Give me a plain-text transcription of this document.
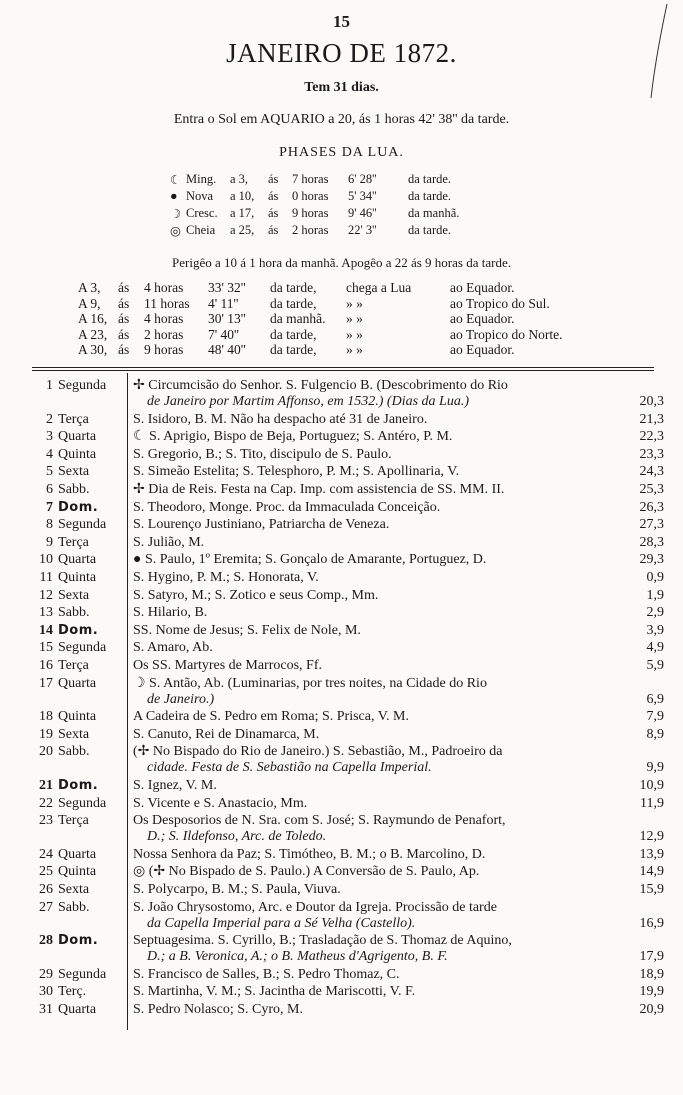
15
JANEIRO DE 1872.
Tem 31 dias.
Entra o Sol em AQUARIO a 20, ás 1 horas 42' 38'' da tarde.
PHASES DA LUA.
☾ Ming. a 3, ás 7 horas 6' 28''	da tarde.
● Nova a 10, ás 0 horas 5' 34''	da tarde.
☽ Cresc. a 17, ás 9 horas 9' 46''	da manhã.
◎ Cheia a 25, ás 2 horas 22' 3''	da tarde.
Perigêo a 10 á 1 hora da manhã. Apogêo a 22 ás 9 horas da tarde.
A 3, ás 4 horas 33' 32'' da tarde, chega a Lua	ao Equador.
A 9, ás 11 horas 4' 11'' da tarde, » »	ao Tropico do Sul.
A 16, ás 4 horas 30' 13'' da manhã. » »	ao Equador.
A 23, ás 2 horas 7' 40'' da tarde, » »	ao Tropico do Norte.
A 30, ás 9 horas 48' 40'' da tarde, » »	ao Equador.
1 Segunda ✢ Circumcisão do Senhor. S. Fulgencio B. (Descobrimento do Rio
de Janeiro por Martim Affonso, em 1532.) (Dias da Lua.)	20,3
2 Terça	S. Isidoro, B. M. Não ha despacho até 31 de Janeiro.	21,3
3 Quarta	☾ S. Aprigio, Bispo de Beja, Portuguez; S. Antéro, P. M.	22,3
4 Quinta	S. Gregorio, B.; S. Tito, discipulo de S. Paulo.	23,3
5 Sexta	S. Simeão Estelita; S. Telesphoro, P. M.; S. Apollinaria, V.	24,3
6 Sabb.	✢ Dia de Reis. Festa na Cap. Imp. com assistencia de SS. MM. II.	25,3
7 Dom. S. Theodoro, Monge. Proc. da Immaculada Conceição.	26,3
8 Segunda S. Lourenço Justiniano, Patriarcha de Veneza.	27,3
9 Terça	S. Julião, M.	28,3
10 Quarta	● S. Paulo, 1º Eremita; S. Gonçalo de Amarante, Portuguez, D.	29,3
11 Quinta	S. Hygino, P. M.; S. Honorata, V.	0,9
12 Sexta	S. Satyro, M.; S. Zotico e seus Comp., Mm.	1,9
13 Sabb.	S. Hilario, B.	2,9
14 Dom. SS. Nome de Jesus; S. Felix de Nole, M.	3,9
15 Segunda S. Amaro, Ab.	4,9
16 Terça	Os SS. Martyres de Marrocos, Ff.	5,9
17 Quarta	☽ S. Antão, Ab. (Luminarias, por tres noites, na Cidade do Rio
de Janeiro.)	6,9
18 Quinta	A Cadeira de S. Pedro em Roma; S. Prisca, V. M.	7,9
19 Sexta	S. Canuto, Rei de Dinamarca, M.	8,9
20 Sabb.	(✢ No Bispado do Rio de Janeiro.) S. Sebastião, M., Padroeiro da
cidade. Festa de S. Sebastião na Capella Imperial.	9,9
21 Dom. S. Ignez, V. M.	10,9
22 Segunda S. Vicente e S. Anastacio, Mm.	11,9
23 Terça	Os Desposorios de N. Sra. com S. José; S. Raymundo de Penafort,
D.; S. Ildefonso, Arc. de Toledo.	12,9
24 Quarta	Nossa Senhora da Paz; S. Timótheo, B. M.; o B. Marcolino, D.	13,9
25 Quinta	◎ (✢ No Bispado de S. Paulo.) A Conversão de S. Paulo, Ap.	14,9
26 Sexta	S. Polycarpo, B. M.; S. Paula, Viuva.	15,9
27 Sabb.	S. João Chrysostomo, Arc. e Doutor da Igreja. Procissão de tarde
da Capella Imperial para a Sé Velha (Castello).	16,9
28 Dom. Septuagesima. S. Cyrillo, B.; Trasladação de S. Thomaz de Aquino,
D.; a B. Veronica, A.; o B. Matheus d'Agrigento, B. F.	17,9
29 Segunda S. Francisco de Salles, B.; S. Pedro Thomaz, C.	18,9
30 Terç.	S. Martinha, V. M.; S. Jacintha de Mariscotti, V. F.	19,9
31 Quarta	S. Pedro Nolasco; S. Cyro, M.	20,9
